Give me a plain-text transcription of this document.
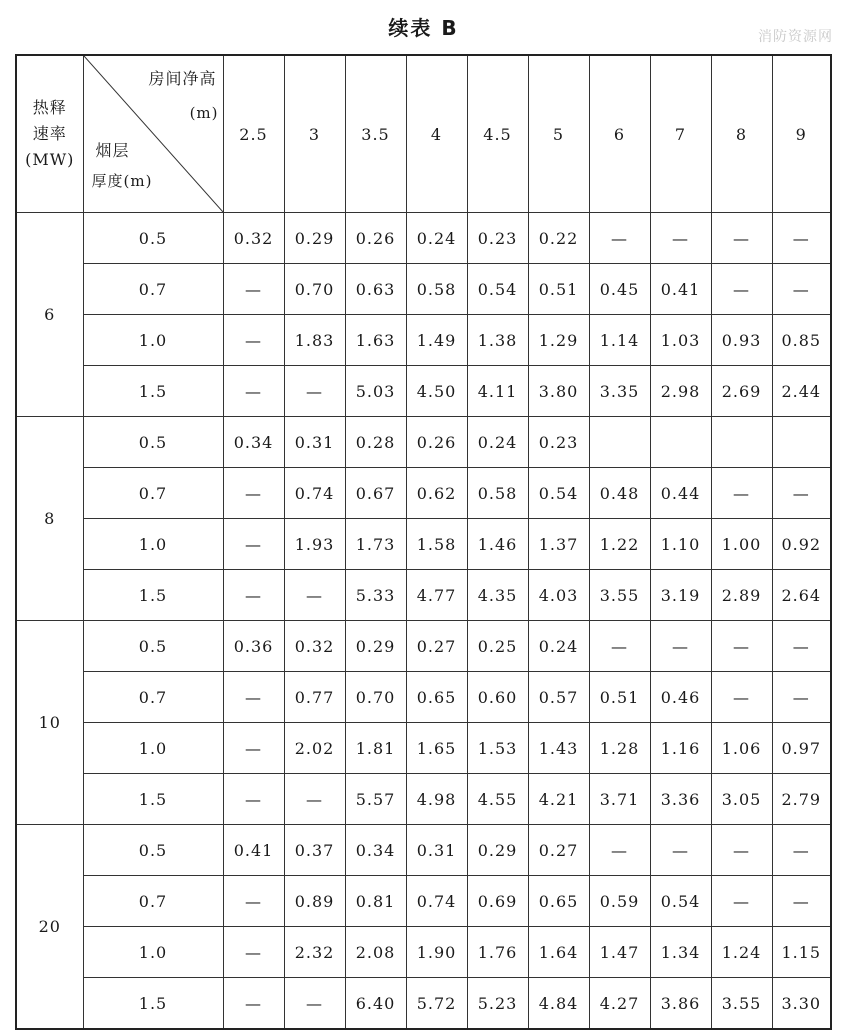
续表 B	消防资源网
热释
速率
(MW)	房间净高
(m)
烟层
厚度(m)	2.5	3	3.5	4	4.5	5	6	7	8	9
6	0.5	0.32	0.29	0.26	0.24	0.23	0.22	—	—	—	—
	0.7	—	0.70	0.63	0.58	0.54	0.51	0.45	0.41	—	—
	1.0	—	1.83	1.63	1.49	1.38	1.29	1.14	1.03	0.93	0.85
	1.5	—	—	5.03	4.50	4.11	3.80	3.35	2.98	2.69	2.44
8	0.5	0.34	0.31	0.28	0.26	0.24	0.23				
	0.7	—	0.74	0.67	0.62	0.58	0.54	0.48	0.44	—	—
	1.0	—	1.93	1.73	1.58	1.46	1.37	1.22	1.10	1.00	0.92
	1.5	—	—	5.33	4.77	4.35	4.03	3.55	3.19	2.89	2.64
10	0.5	0.36	0.32	0.29	0.27	0.25	0.24	—	—	—	—
	0.7	—	0.77	0.70	0.65	0.60	0.57	0.51	0.46	—	—
	1.0	—	2.02	1.81	1.65	1.53	1.43	1.28	1.16	1.06	0.97
	1.5	—	—	5.57	4.98	4.55	4.21	3.71	3.36	3.05	2.79
20	0.5	0.41	0.37	0.34	0.31	0.29	0.27	—	—	—	—
	0.7	—	0.89	0.81	0.74	0.69	0.65	0.59	0.54	—	—
	1.0	—	2.32	2.08	1.90	1.76	1.64	1.47	1.34	1.24	1.15
	1.5	—	—	6.40	5.72	5.23	4.84	4.27	3.86	3.55	3.30
